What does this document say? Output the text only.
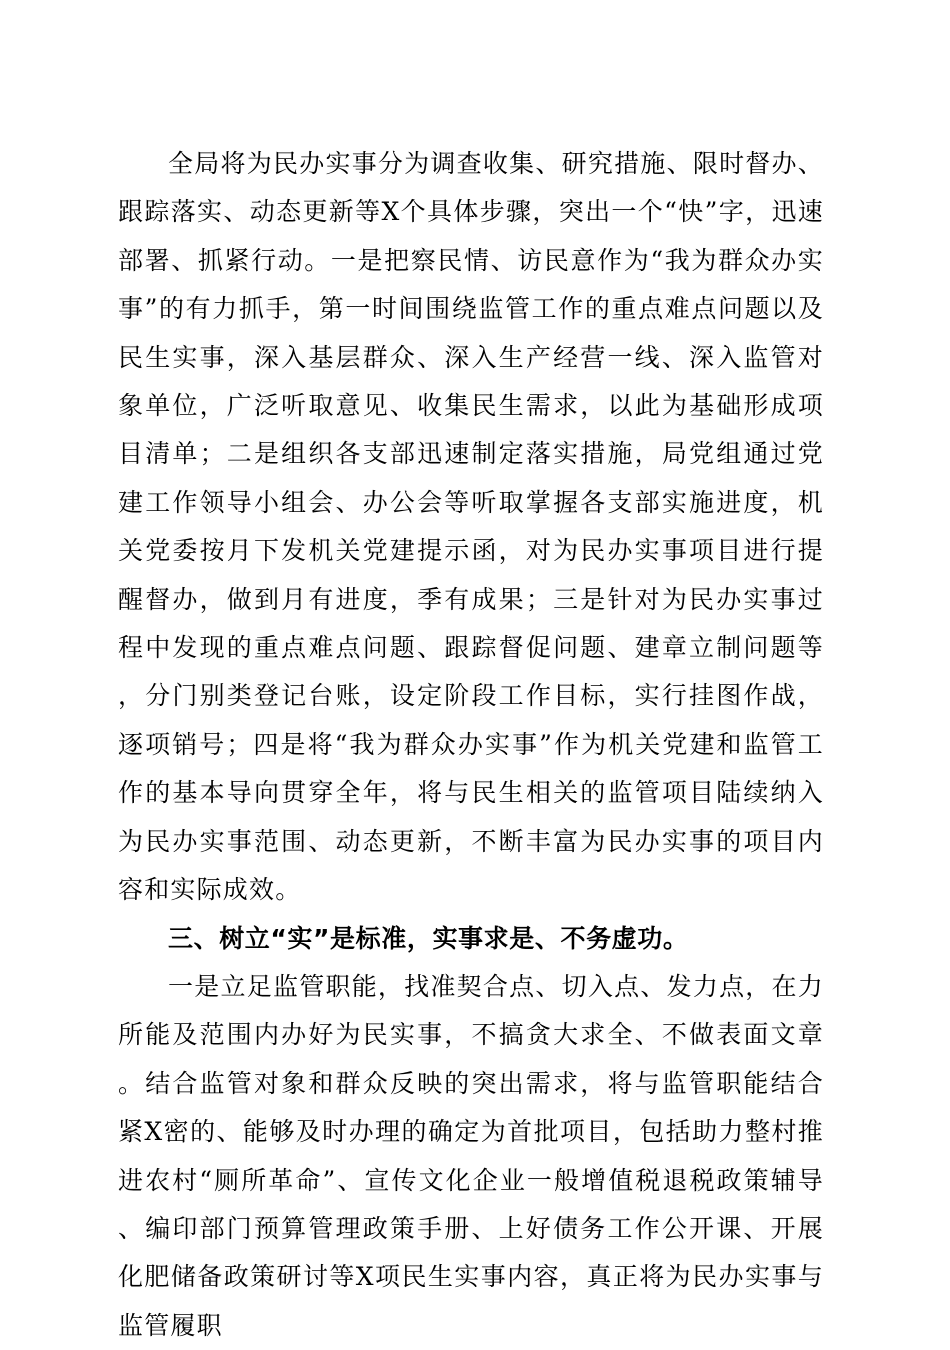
全局将为民办实事分为调查收集、研究措施、限时督办、跟踪落实、动态更新等X个具体步骤，突出一个“快”字，迅速部署、抓紧行动。一是把察民情、访民意作为“我为群众办实事”的有力抓手，第一时间围绕监管工作的重点难点问题以及民生实事，深入基层群众、深入生产经营一线、深入监管对象单位，广泛听取意见、收集民生需求，以此为基础形成项目清单；二是组织各支部迅速制定落实措施，局党组通过党建工作领导小组会、办公会等听取掌握各支部实施进度，机关党委按月下发机关党建提示函，对为民办实事项目进行提醒督办，做到月有进度，季有成果；三是针对为民办实事过程中发现的重点难点问题、跟踪督促问题、建章立制问题等，分门别类登记台账，设定阶段工作目标，实行挂图作战，逐项销号；四是将“我为群众办实事”作为机关党建和监管工作的基本导向贯穿全年，将与民生相关的监管项目陆续纳入为民办实事范围、动态更新，不断丰富为民办实事的项目内容和实际成效。

三、树立“实”是标准，实事求是、不务虚功。

一是立足监管职能，找准契合点、切入点、发力点，在力所能及范围内办好为民实事，不搞贪大求全、不做表面文章。结合监管对象和群众反映的突出需求，将与监管职能结合紧X密的、能够及时办理的确定为首批项目，包括助力整村推进农村“厕所革命”、宣传文化企业一般增值税退税政策辅导、编印部门预算管理政策手册、上好债务工作公开课、开展化肥储备政策研讨等X项民生实事内容，真正将为民办实事与监管履职
